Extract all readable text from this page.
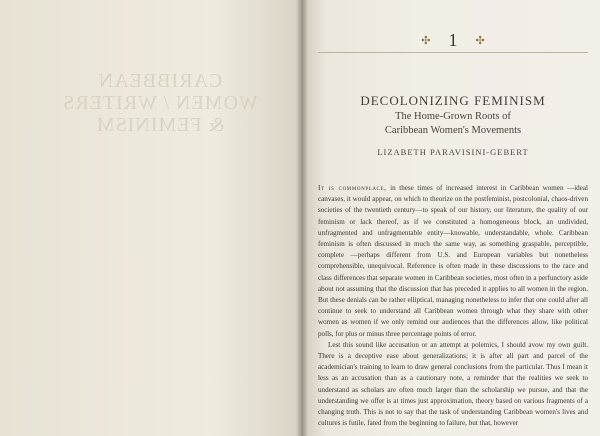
CARIBBEAN WOMEN / WRITERS & FEMINISM
✣ 1 ✣
DECOLONIZING FEMINISM
The Home-Grown Roots of
Caribbean Women's Movements
LIZABETH PARAVISINI-GEBERT

It is commonplace, in these times of increased interest in Caribbean women —ideal canvases, it would appear, on which to theorize on the postfeminist, postcolonial, chaos-driven societies of the twentieth century—to speak of our history, our literature, the quality of our feminism or lack thereof, as if we constituted a homogeneous block, an undivided, unfragmented and unfragmentable entity—knowable, understandable, whole. Caribbean feminism is often discussed in much the same way, as something graspable, perceptible, complete —perhaps different from U.S. and European variables but nonetheless comprehensible, unequivocal. Reference is often made in these discussions to the race and class differences that separate women in Caribbean societies, most often in a perfunctory aside about not assuming that the discussion that has preceded it applies to all women in the region. But these denials can be rather elliptical, managing nonetheless to infer that one could after all continue to seek to understand all Caribbean women through what they share with other women as women if we only remind our audiences that the differences allow, like political polls, for plus or minus three percentage points of error.

Lest this sound like accusation or an attempt at polemics, I should avow my own guilt. There is a deceptive ease about generalizations; it is after all part and parcel of the academician's training to learn to draw general conclusions from the particular. Thus I mean it less as an accusation than as a cautionary note, a reminder that the realities we seek to understand as scholars are often much larger than the scholarship we pursue, and that the understanding we offer is at times just approximation, theory based on various fragments of a changing truth. This is not to say that the task of understanding Caribbean women's lives and cultures is futile, fated from the beginning to failure, but that, however
